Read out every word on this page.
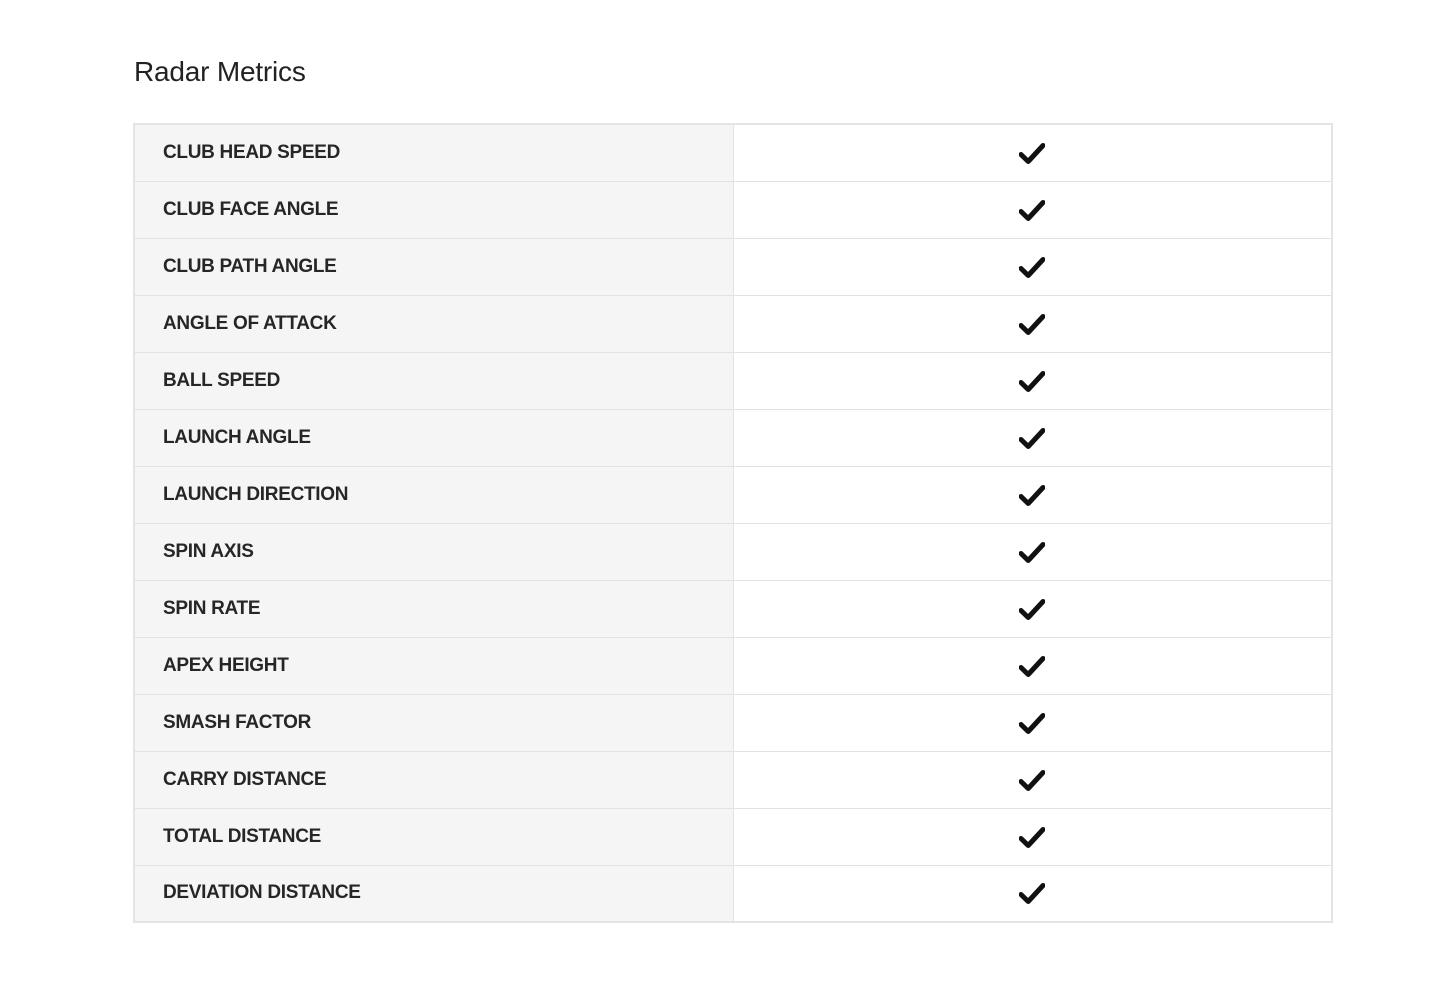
Radar Metrics
CLUB HEAD SPEED	

CLUB FACE ANGLE	

CLUB PATH ANGLE	

ANGLE OF ATTACK	

BALL SPEED	

LAUNCH ANGLE	

LAUNCH DIRECTION	

SPIN AXIS	

SPIN RATE	

APEX HEIGHT	

SMASH FACTOR	

CARRY DISTANCE	

TOTAL DISTANCE	

DEVIATION DISTANCE	
